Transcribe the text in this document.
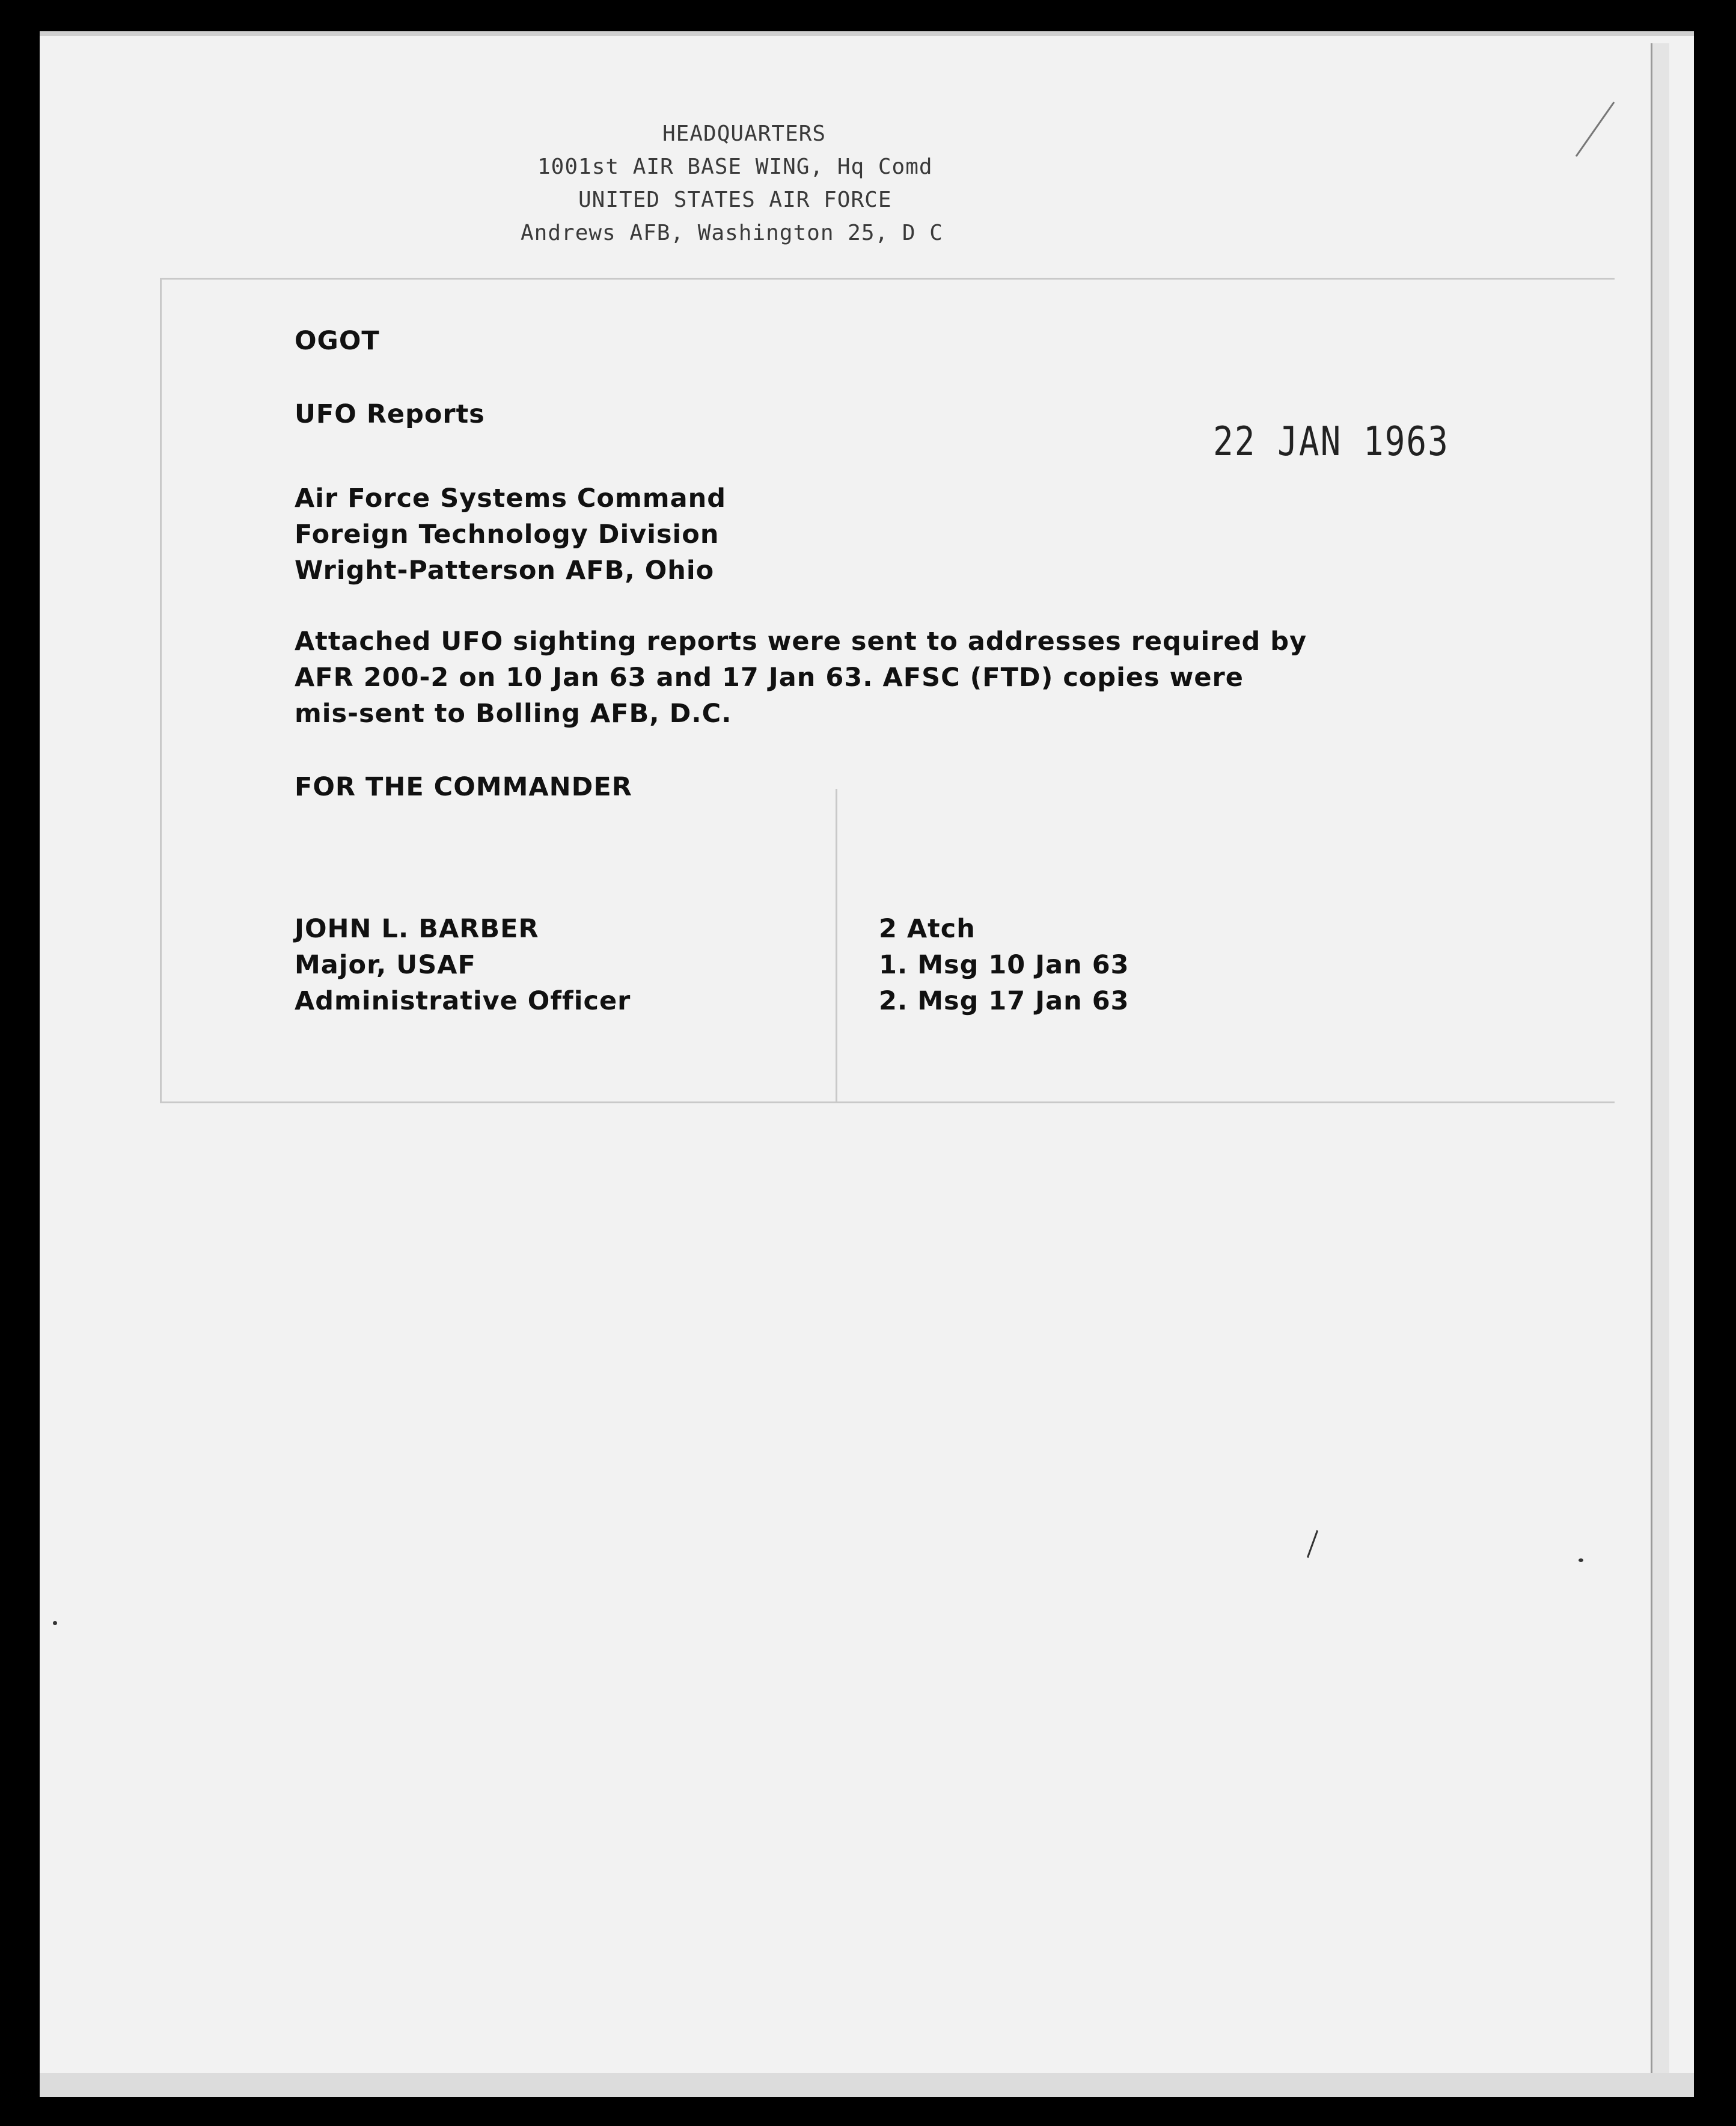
HEADQUARTERS
1001st AIR BASE WING, Hq Comd
UNITED STATES AIR FORCE
Andrews AFB, Washington 25, D C
OGOT
UFO Reports
22 JAN 1963
Air Force Systems Command
Foreign Technology Division
Wright-Patterson AFB, Ohio
Attached UFO sighting reports were sent to addresses required by
AFR 200-2 on 10 Jan 63 and 17 Jan 63. AFSC (FTD) copies were
mis-sent to Bolling AFB, D.C.
FOR THE COMMANDER
JOHN L. BARBER
Major, USAF
Administrative Officer
2 Atch
1. Msg 10 Jan 63
2. Msg 17 Jan 63
